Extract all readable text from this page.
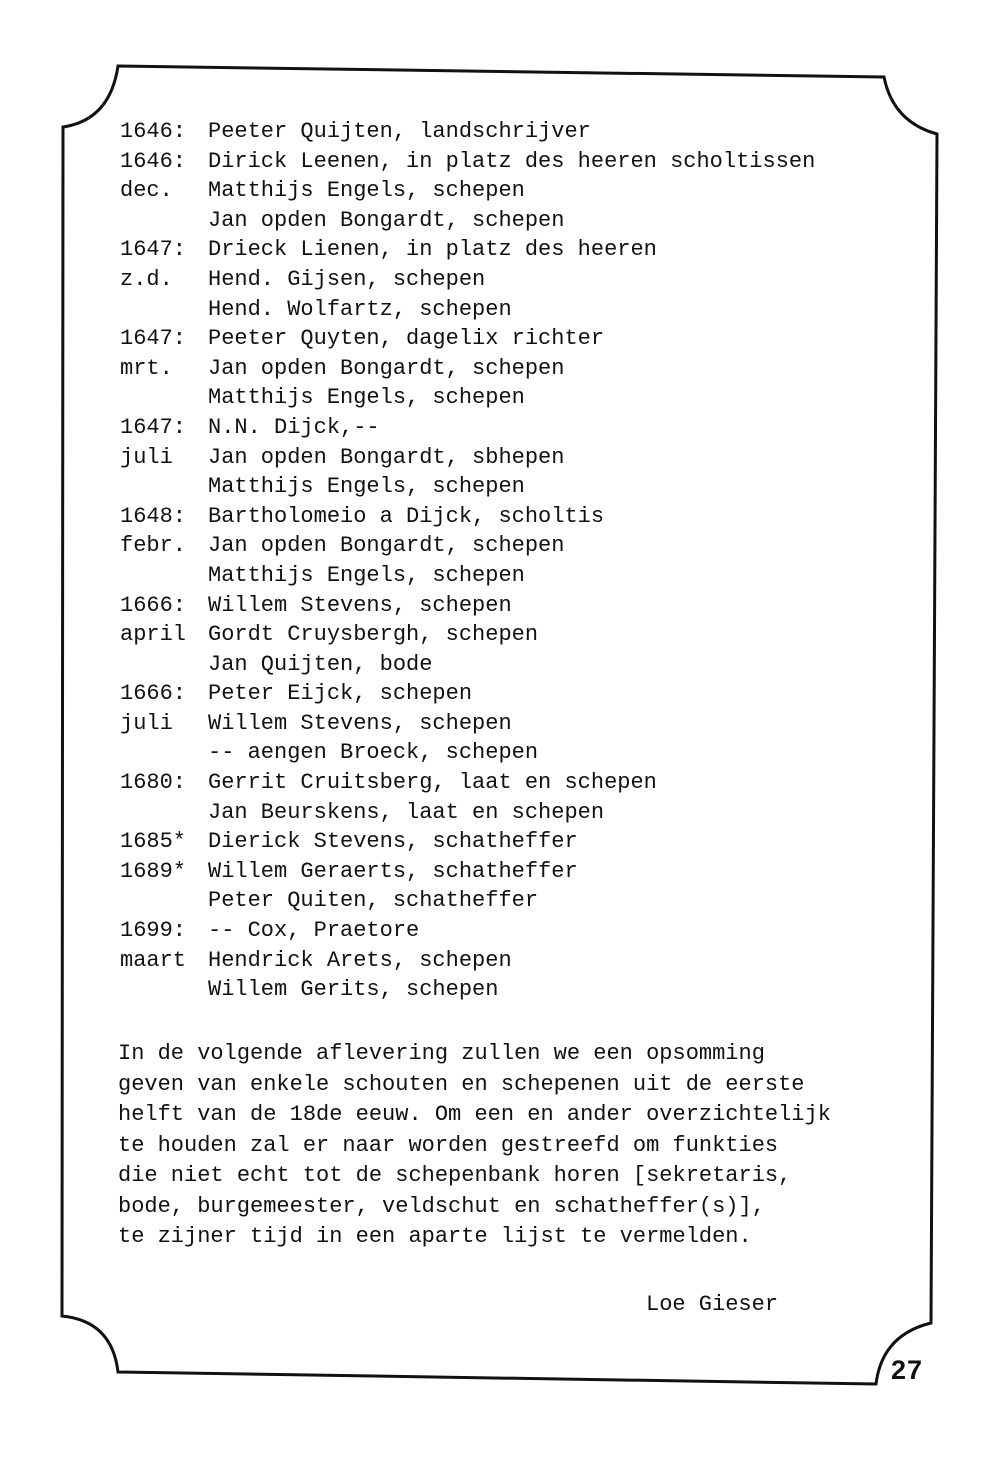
1646: Peeter Quijten, landschrijver
1646: Dirick Leenen, in platz des heeren scholtissen
dec.	Matthijs Engels, schepen
Jan opden Bongardt, schepen
1647: Drieck Lienen, in platz des heeren
z.d.	Hend. Gijsen, schepen
Hend. Wolfartz, schepen
1647: Peeter Quyten, dagelix richter
mrt.	Jan opden Bongardt, schepen
Matthijs Engels, schepen
1647: N.N. Dijck,--
juli	Jan opden Bongardt, sbhepen
Matthijs Engels, schepen
1648: Bartholomeio a Dijck, scholtis
febr. Jan opden Bongardt, schepen
Matthijs Engels, schepen
1666: Willem Stevens, schepen
april Gordt Cruysbergh, schepen
Jan Quijten, bode
1666: Peter Eijck, schepen
juli	Willem Stevens, schepen
-- aengen Broeck, schepen
1680: Gerrit Cruitsberg, laat en schepen
Jan Beurskens, laat en schepen
1685* Dierick Stevens, schatheffer
1689* Willem Geraerts, schatheffer
Peter Quiten, schatheffer
1699: -- Cox, Praetore
maart Hendrick Arets, schepen
Willem Gerits, schepen
In de volgende aflevering zullen we een opsomming
geven van enkele schouten en schepenen uit de eerste
helft van de 18de eeuw. Om een en ander overzichtelijk
te houden zal er naar worden gestreefd om funkties
die niet echt tot de schepenbank horen [sekretaris,
bode, burgemeester, veldschut en schatheffer(s)],
te zijner tijd in een aparte lijst te vermelden.
Loe Gieser
27
